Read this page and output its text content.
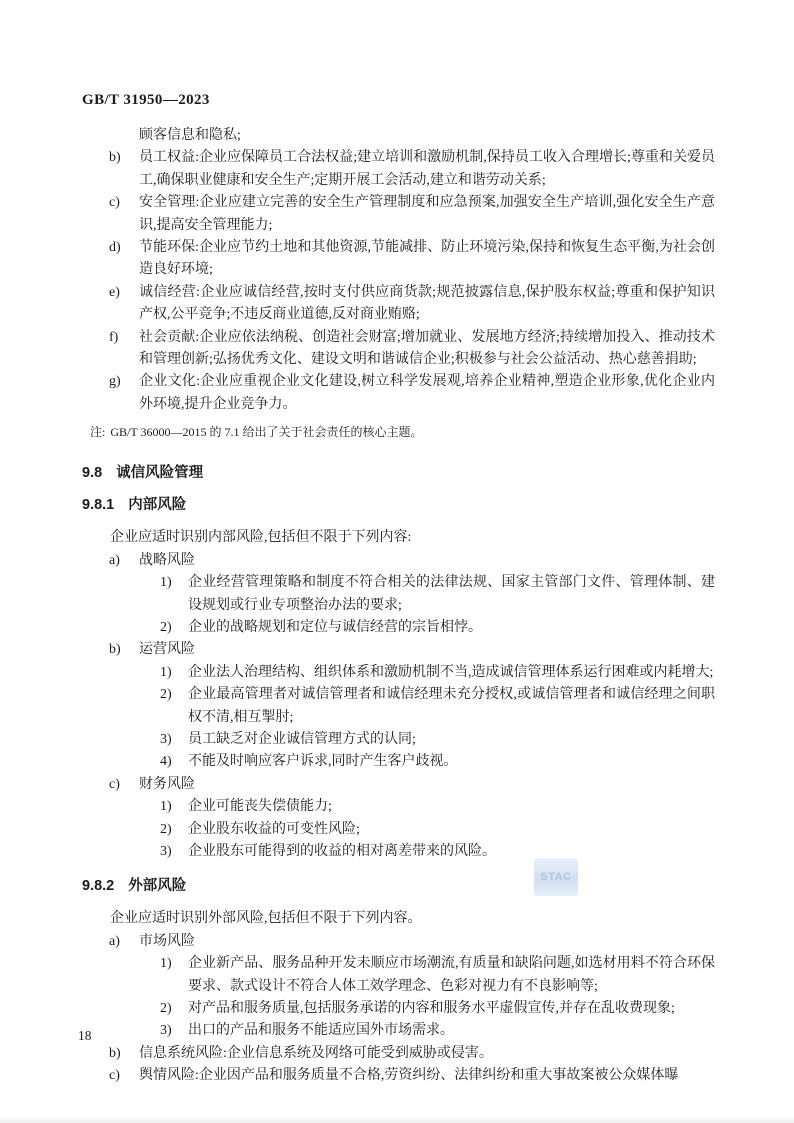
GB/T 31950—2023
顾客信息和隐私;
b)	员工权益:企业应保障员工合法权益;建立培训和激励机制,保持员工收入合理增长;尊重和关爱员工,确保职业健康和安全生产;定期开展工会活动,建立和谐劳动关系;
c)	安全管理:企业应建立完善的安全生产管理制度和应急预案,加强安全生产培训,强化安全生产意识,提高安全管理能力;
d)	节能环保:企业应节约土地和其他资源,节能减排、防止环境污染,保持和恢复生态平衡,为社会创造良好环境;
e)	诚信经营:企业应诚信经营,按时支付供应商货款;规范披露信息,保护股东权益;尊重和保护知识产权,公平竞争;不违反商业道德,反对商业贿赂;
f)	社会贡献:企业应依法纳税、创造社会财富;增加就业、发展地方经济;持续增加投入、推动技术和管理创新;弘扬优秀文化、建设文明和谐诚信企业;积极参与社会公益活动、热心慈善捐助;
g)	企业文化:企业应重视企业文化建设,树立科学发展观,培养企业精神,塑造企业形象,优化企业内外环境,提升企业竞争力。
注: GB/T 36000—2015 的 7.1 给出了关于社会责任的核心主题。
9.8 诚信风险管理
9.8.1 内部风险
企业应适时识别内部风险,包括但不限于下列内容:
a)	战略风险
1)	企业经营管理策略和制度不符合相关的法律法规、国家主管部门文件、管理体制、建设规划或行业专项整治办法的要求;
2)	企业的战略规划和定位与诚信经营的宗旨相悖。
b)	运营风险
1)	企业法人治理结构、组织体系和激励机制不当,造成诚信管理体系运行困难或内耗增大;
2)	企业最高管理者对诚信管理者和诚信经理未充分授权,或诚信管理者和诚信经理之间职权不清,相互掣肘;
3)	员工缺乏对企业诚信管理方式的认同;
4)	不能及时响应客户诉求,同时产生客户歧视。
c)	财务风险
1)	企业可能丧失偿债能力;
2)	企业股东收益的可变性风险;
3)	企业股东可能得到的收益的相对离差带来的风险。
9.8.2 外部风险
企业应适时识别外部风险,包括但不限于下列内容。
a)	市场风险
1)	企业新产品、服务品种开发未顺应市场潮流,有质量和缺陷问题,如选材用料不符合环保要求、款式设计不符合人体工效学理念、色彩对视力有不良影响等;
2)	对产品和服务质量,包括服务承诺的内容和服务水平虚假宣传,并存在乱收费现象;
3)	出口的产品和服务不能适应国外市场需求。
b)	信息系统风险:企业信息系统及网络可能受到威胁或侵害。
c)	舆情风险:企业因产品和服务质量不合格,劳资纠纷、法律纠纷和重大事故案被公众媒体曝
STAC
18
